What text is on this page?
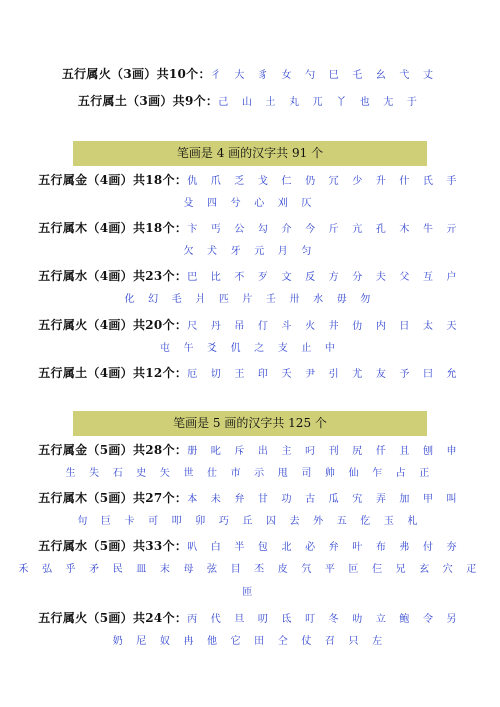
五行属火（3画）共10个：彳 大 豸 女 勺 巳 乇 幺 弋 丈
五行属土（3画）共9个：己 山 土 丸 兀 丫 也 尢 于
笔画是 4 画的汉字共 91 个
五行属金（4画）共18个：仇 爪 乏 戈 仁 仍 冗 少 升 什 氏 手
殳 四 兮 心 刈 仄
五行属木（4画）共18个：卞 丐 公 勾 介 今 斤 亢 孔 木 牛 亓
欠 犬 牙 元 月 匀
五行属水（4画）共23个：巴 比 不 歹 文 反 方 分 夫 父 互 户
化 幻 毛 爿 匹 片 壬 卅 水 毋 勿
五行属火（4画）共20个：尺 丹 吊 仃 斗 火 井 仂 内 日 太 天
屯 午 爻 仉 之 支 止 中
五行属土（4画）共12个：厄 切 王 印 夭 尹 引 尤 友 予 曰 允
笔画是 5 画的汉字共 125 个
五行属金（5画）共28个：册 叱 斥 出 主 叼 刊 尻 仟 且 刨 申
生 失 石 史 矢 世 仕 市 示 甩 司 帅 仙 乍 占 正
五行属木（5画）共27个：本 未 弁 甘 功 古 瓜 宄 弄 加 甲 叫
句 巨 卡 可 叩 卯 巧 丘 囚 去 外 五 仡 玉 札
五行属水（5画）共33个：叭 白 半 包 北 必 弁 叶 布 弗 付 夯
禾 弘 乎 矛 民 皿 末 母 弦 目 丕 皮 氕 平 叵 仨 兄 玄 穴 疋
匝
五行属火（5画）共24个：丙 代 旦 叨 氐 叮 冬 叻 立 鲍 令 另
奶 尼 奴 冉 他 它 田 仝 仗 召 只 左
